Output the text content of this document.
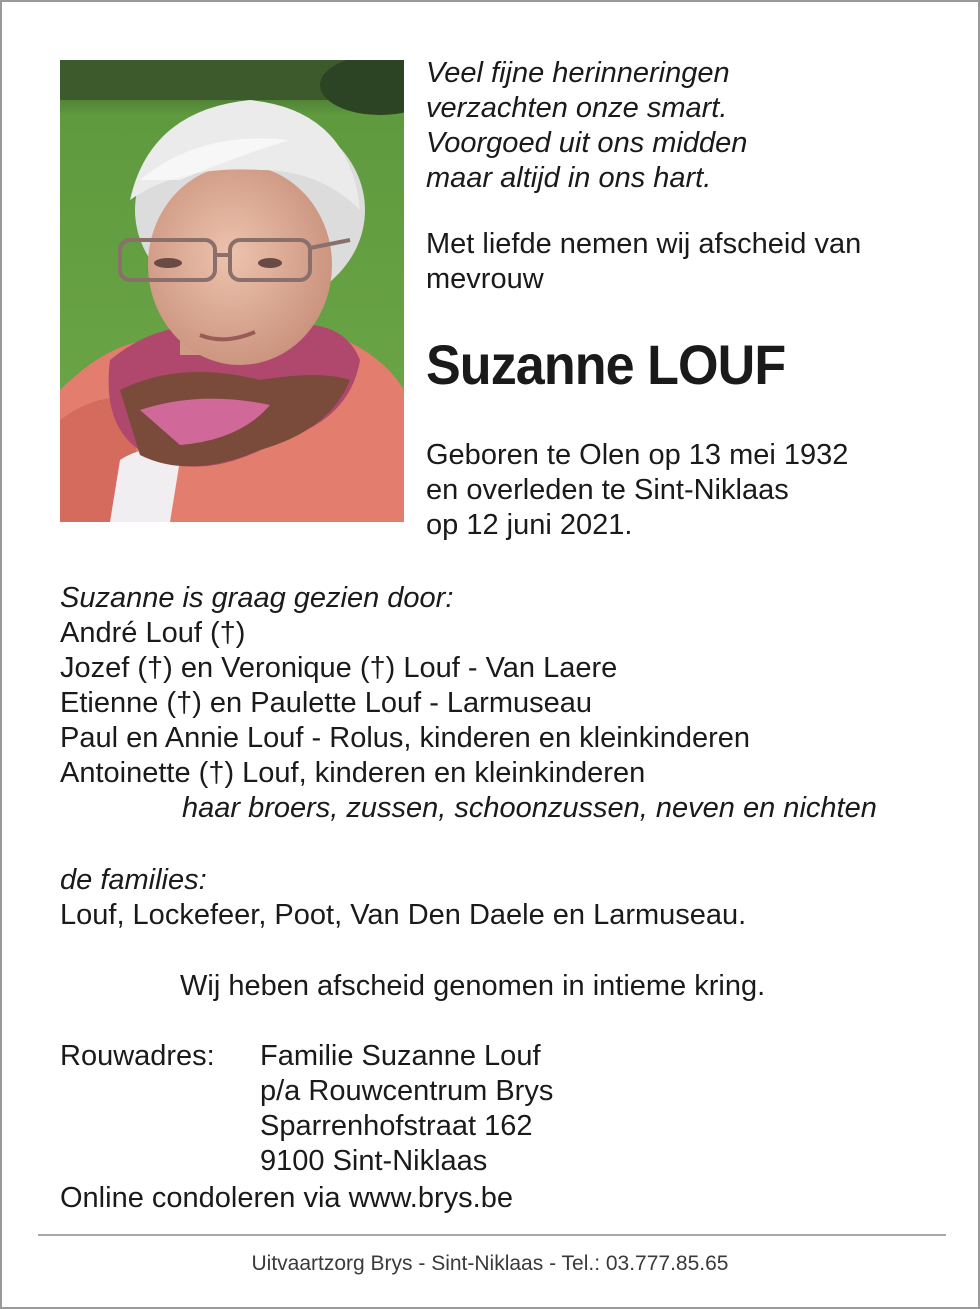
Veel fijne herinneringen
verzachten onze smart.
Voorgoed uit ons midden
maar altijd in ons hart.
Met liefde nemen wij afscheid van
mevrouw
Suzanne LOUF
Geboren te Olen op 13 mei 1932
en overleden te Sint-Niklaas
op 12 juni 2021.
Suzanne is graag gezien door:
André Louf (†)
Jozef (†) en Veronique (†) Louf - Van Laere
Etienne (†) en Paulette Louf - Larmuseau
Paul en Annie Louf - Rolus, kinderen en kleinkinderen
Antoinette (†) Louf, kinderen en kleinkinderen
haar broers, zussen, schoonzussen, neven en nichten
de families:
Louf, Lockefeer, Poot, Van Den Daele en Larmuseau.
Wij heben afscheid genomen in intieme kring.
Rouwadres: Familie Suzanne Louf
p/a Rouwcentrum Brys
Sparrenhofstraat 162
9100 Sint-Niklaas
Online condoleren via www.brys.be
Uitvaartzorg Brys - Sint-Niklaas - Tel.: 03.777.85.65
